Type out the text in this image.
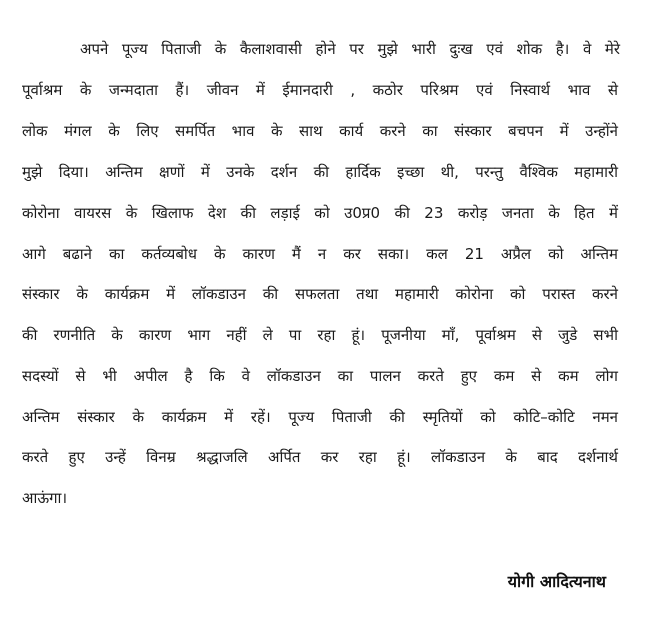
अपने पूज्य पिताजी के कैलाशवासी होने पर मुझे भारी दुःख एवं शोक है। वे मेरे

पूर्वाश्रम के जन्मदाता हैं। जीवन में ईमानदारी , कठोर परिश्रम एवं निस्वार्थ भाव से

लोक मंगल के लिए समर्पित भाव के साथ कार्य करने का संस्कार बचपन में उन्होंने

मुझे दिया। अन्तिम क्षणों में उनके दर्शन की हार्दिक इच्छा थी, परन्तु वैश्विक महामारी

कोरोना वायरस के खिलाफ देश की लड़ाई को उ0प्र0 की 23 करोड़ जनता के हित में

आगे बढाने का कर्तव्यबोध के कारण मैं न कर सका। कल 21 अप्रैल को अन्तिम

संस्कार के कार्यक्रम में लॉकडाउन की सफलता तथा महामारी कोरोना को परास्त करने

की रणनीति के कारण भाग नहीं ले पा रहा हूं। पूजनीया माँ, पूर्वाश्रम से जुडे सभी

सदस्यों से भी अपील है कि वे लॉकडाउन का पालन करते हुए कम से कम लोग

अन्तिम संस्कार के कार्यक्रम में रहें। पूज्य पिताजी की स्मृतियों को कोटि–कोटि नमन

करते हुए उन्हें विनम्र श्रद्धाजलि अर्पित कर रहा हूं। लॉकडाउन के बाद दर्शनार्थ

आऊंगा।

योगी आदित्यनाथ
